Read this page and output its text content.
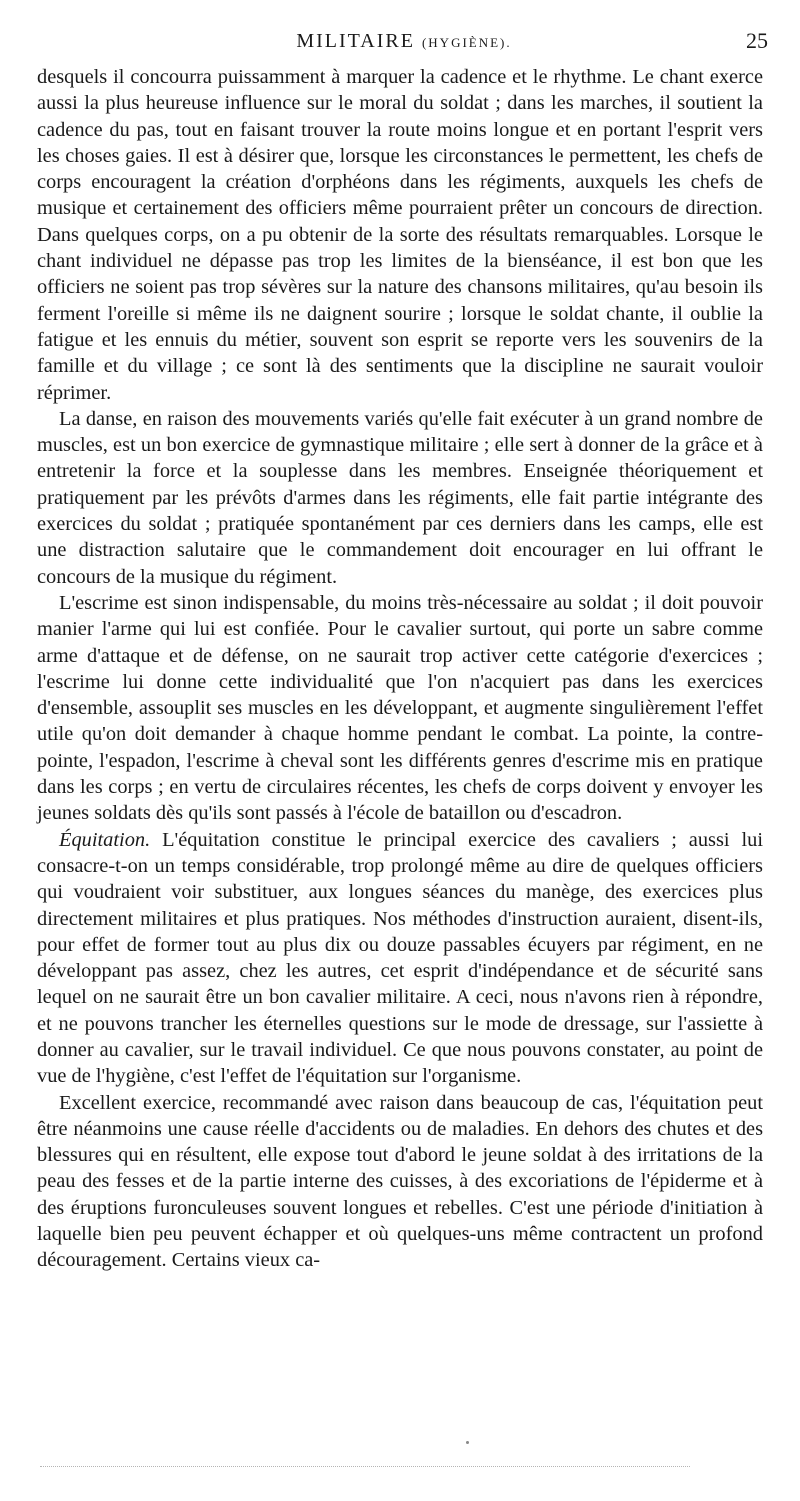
MILITAIRE (HYGIÈNE).	25

desquels il concourra puissamment à marquer la cadence et le rhythme. Le chant exerce aussi la plus heureuse influence sur le moral du soldat ; dans les marches, il soutient la cadence du pas, tout en faisant trouver la route moins longue et en portant l'esprit vers les choses gaies. Il est à désirer que, lorsque les circonstances le permettent, les chefs de corps encouragent la création d'orphéons dans les régiments, auxquels les chefs de musique et certainement des officiers même pourraient prêter un concours de direction. Dans quelques corps, on a pu obtenir de la sorte des résultats remarquables. Lorsque le chant individuel ne dépasse pas trop les limites de la bienséance, il est bon que les officiers ne soient pas trop sévères sur la nature des chansons militaires, qu'au besoin ils ferment l'oreille si même ils ne daignent sourire ; lorsque le soldat chante, il oublie la fatigue et les ennuis du métier, souvent son esprit se reporte vers les souvenirs de la famille et du village ; ce sont là des sentiments que la discipline ne saurait vouloir réprimer.

La danse, en raison des mouvements variés qu'elle fait exécuter à un grand nombre de muscles, est un bon exercice de gymnastique militaire ; elle sert à donner de la grâce et à entretenir la force et la souplesse dans les membres. Enseignée théoriquement et pratiquement par les prévôts d'armes dans les régiments, elle fait partie intégrante des exercices du soldat ; pratiquée spontanément par ces derniers dans les camps, elle est une distraction salutaire que le commandement doit encourager en lui offrant le concours de la musique du régiment.

L'escrime est sinon indispensable, du moins très-nécessaire au soldat ; il doit pouvoir manier l'arme qui lui est confiée. Pour le cavalier surtout, qui porte un sabre comme arme d'attaque et de défense, on ne saurait trop activer cette catégorie d'exercices ; l'escrime lui donne cette individualité que l'on n'acquiert pas dans les exercices d'ensemble, assouplit ses muscles en les développant, et augmente singulièrement l'effet utile qu'on doit demander à chaque homme pendant le combat. La pointe, la contre-pointe, l'espadon, l'escrime à cheval sont les différents genres d'escrime mis en pratique dans les corps ; en vertu de circulaires récentes, les chefs de corps doivent y envoyer les jeunes soldats dès qu'ils sont passés à l'école de bataillon ou d'escadron.

Équitation. L'équitation constitue le principal exercice des cavaliers ; aussi lui consacre-t-on un temps considérable, trop prolongé même au dire de quelques officiers qui voudraient voir substituer, aux longues séances du manège, des exercices plus directement militaires et plus pratiques. Nos méthodes d'instruction auraient, disent-ils, pour effet de former tout au plus dix ou douze passables écuyers par régiment, en ne développant pas assez, chez les autres, cet esprit d'indépendance et de sécurité sans lequel on ne saurait être un bon cavalier militaire. A ceci, nous n'avons rien à répondre, et ne pouvons trancher les éternelles questions sur le mode de dressage, sur l'assiette à donner au cavalier, sur le travail individuel. Ce que nous pouvons constater, au point de vue de l'hygiène, c'est l'effet de l'équitation sur l'organisme.

Excellent exercice, recommandé avec raison dans beaucoup de cas, l'équitation peut être néanmoins une cause réelle d'accidents ou de maladies. En dehors des chutes et des blessures qui en résultent, elle expose tout d'abord le jeune soldat à des irritations de la peau des fesses et de la partie interne des cuisses, à des excoriations de l'épiderme et à des éruptions furonculeuses souvent longues et rebelles. C'est une période d'initiation à laquelle bien peu peuvent échapper et où quelques-uns même contractent un profond découragement. Certains vieux ca-
